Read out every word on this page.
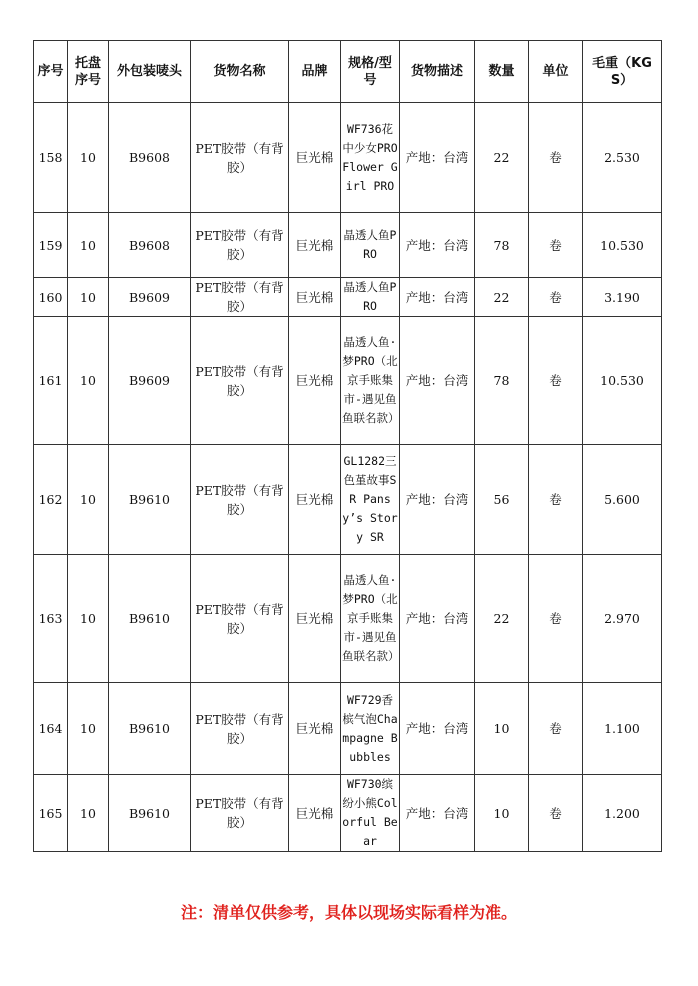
序号	托盘序号	外包装唛头	货物名称	品牌	规格/型号	货物描述	数量	单位	毛重（KGS）
158	10	B9608	PET胶带（有背胶）	巨光棉	WF736花中少女PRO Flower Girl PRO	产地：台湾	22	卷	2.530
159	10	B9608	PET胶带（有背胶）	巨光棉	晶透人鱼PRO	产地：台湾	78	卷	10.530
160	10	B9609	PET胶带（有背胶）	巨光棉	晶透人鱼PRO	产地：台湾	22	卷	3.190
161	10	B9609	PET胶带（有背胶）	巨光棉	晶透人鱼·梦PRO（北京手账集市-遇见鱼鱼联名款）	产地：台湾	78	卷	10.530
162	10	B9610	PET胶带（有背胶）	巨光棉	GL1282三色堇故事SR Pansy’s Story SR	产地：台湾	56	卷	5.600
163	10	B9610	PET胶带（有背胶）	巨光棉	晶透人鱼·梦PRO（北京手账集市-遇见鱼鱼联名款）	产地：台湾	22	卷	2.970
164	10	B9610	PET胶带（有背胶）	巨光棉	WF729香槟气泡Champagne Bubbles	产地：台湾	10	卷	1.100
165	10	B9610	PET胶带（有背胶）	巨光棉	WF730缤纷小熊Colorful Bear	产地：台湾	10	卷	1.200
注：清单仅供参考，具体以现场实际看样为准。
